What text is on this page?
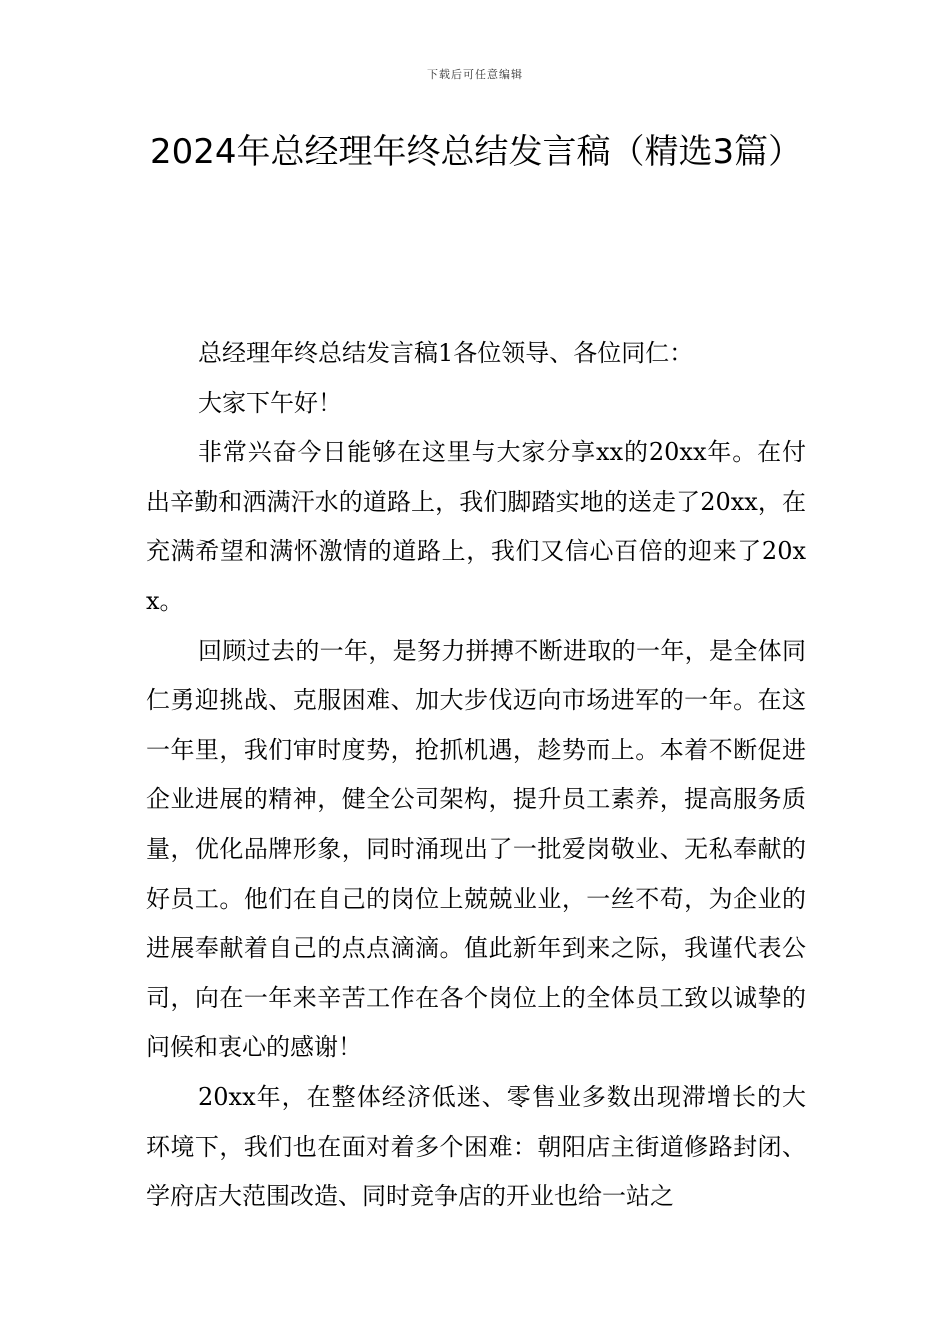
下载后可任意编辑
2024年总经理年终总结发言稿（精选3篇）

总经理年终总结发言稿1各位领导、各位同仁：

大家下午好！

非常兴奋今日能够在这里与大家分享xx的20xx年。在付出辛勤和洒满汗水的道路上，我们脚踏实地的送走了20xx，在充满希望和满怀激情的道路上，我们又信心百倍的迎来了20xx。

回顾过去的一年，是努力拼搏不断进取的一年，是全体同仁勇迎挑战、克服困难、加大步伐迈向市场进军的一年。在这一年里，我们审时度势，抢抓机遇，趁势而上。本着不断促进企业进展的精神，健全公司架构，提升员工素养，提高服务质量，优化品牌形象，同时涌现出了一批爱岗敬业、无私奉献的好员工。他们在自己的岗位上兢兢业业，一丝不苟，为企业的进展奉献着自己的点点滴滴。值此新年到来之际，我谨代表公司，向在一年来辛苦工作在各个岗位上的全体员工致以诚挚的问候和衷心的感谢！

20xx年，在整体经济低迷、零售业多数出现滞增长的大环境下，我们也在面对着多个困难：朝阳店主街道修路封闭、学府店大范围改造、同时竞争店的开业也给一站之
